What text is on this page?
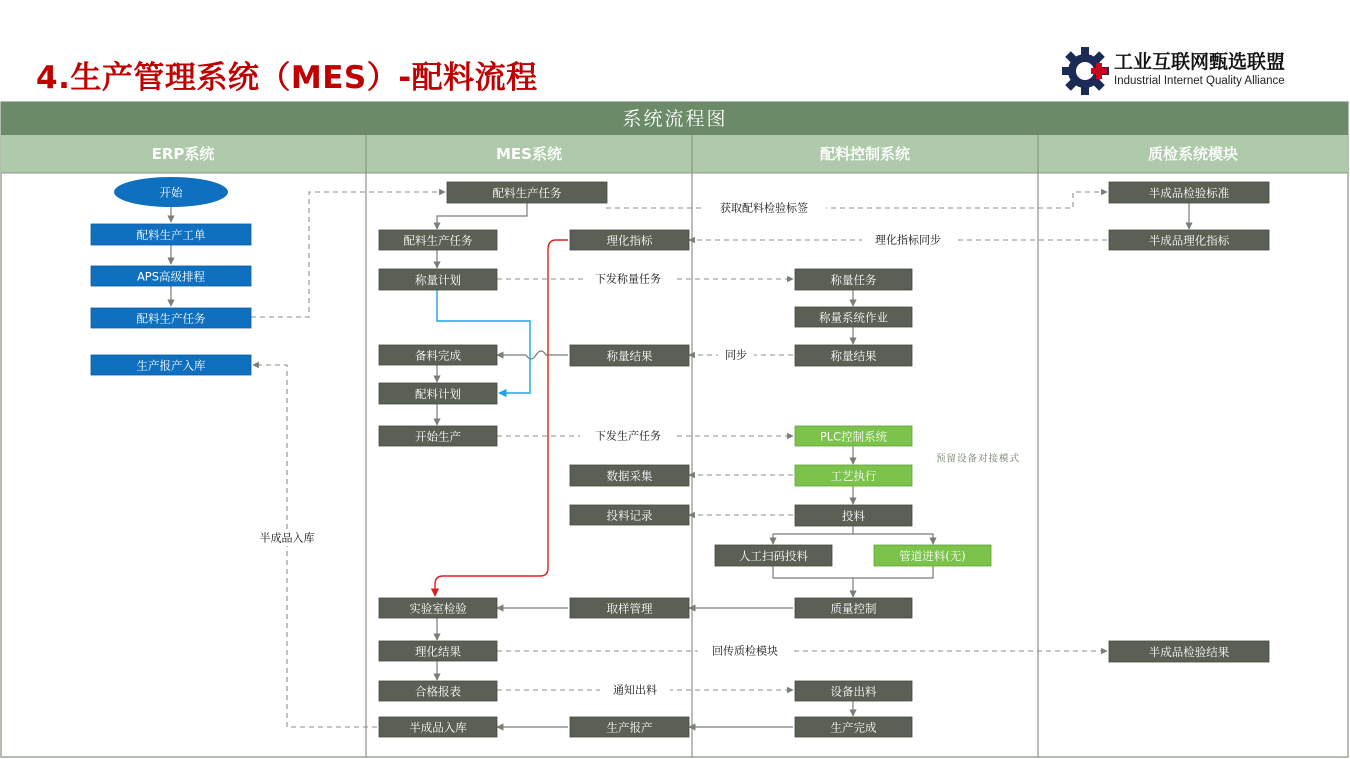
4.生产管理系统（MES）-配料流程	工业互联网甄选联盟
Industrial Internet Quality Alliance
系统流程图
ERP系统	MES系统	配料控制系统	质检系统模块
开始
配料生产工单
APS高级排程
配料生产任务
生产报产入库
配料生产任务
配料生产任务	理化指标
称量计划
备料完成	称量结果
配料计划
开始生产
数据采集
投料记录
实验室检验	取样管理
理化结果
合格报表
半成品入库	生产报产
称量任务
称量系统作业
称量结果
PLC控制系统
工艺执行
投料
人工扫码投料	管道进料(无)
质量控制
设备出料
生产完成
半成品检验标准
半成品理化指标
半成品检验结果
获取配料检验标签
理化指标同步
下发称量任务
同步
下发生产任务
预留设备对接模式
半成品入库
回传质检模块
通知出料
